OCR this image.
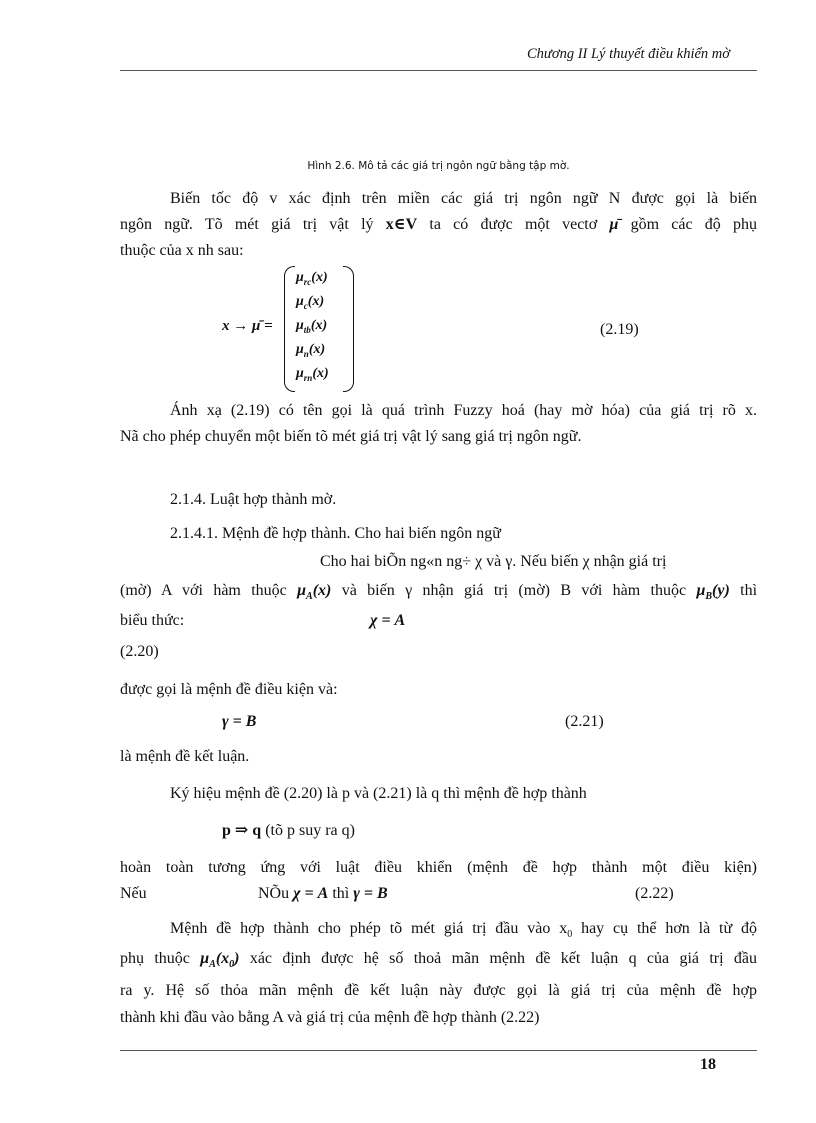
Chương II Lý thuyết điều khiển mờ
Hình 2.6. Mô tả các giá trị ngôn ngữ bằng tập mờ.
Biến tốc độ v xác định trên miền các giá trị ngôn ngữ N được gọi là biến
ngôn ngữ. Tõ mét giá trị vật lý x∈V ta có được một vectơ μ̄ gồm các độ phụ
thuộc của x nh sau:
x → μ̄ =
$\mu_{rc}(x)$
$\mu_c(x)$
$\mu_{tb}(x)$
$\mu_n(x)$
$\mu_{rn}(x)$
(2.19)
Ánh xạ (2.19) có tên gọi là quá trình Fuzzy hoá (hay mờ hóa) của giá trị rõ x.
Nã cho phép chuyển một biến tõ mét giá trị vật lý sang giá trị ngôn ngữ.
2.1.4. Luật hợp thành mờ.
2.1.4.1. Mệnh đề hợp thành. Cho hai biến ngôn ngữ
Cho hai biÕn ng«n ng÷ χ và γ. Nếu biến χ nhận giá trị
(mờ) A với hàm thuộc $\mu_A(x)$ và biến γ nhận giá trị (mờ) B với hàm thuộc $\mu_B(y)$ thì
biểu thức:	χ = A
(2.20)
được gọi là mệnh đề điều kiện và:
γ = B	(2.21)
là mệnh đề kết luận.
Ký hiệu mệnh đề (2.20) là p và (2.21) là q thì mệnh đề hợp thành
p ⇒ q (tõ p suy ra q)
hoàn toàn tương ứng với luật điều khiển (mệnh đề hợp thành một điều kiện)
Nếu	NÕu χ = A thì γ = B	(2.22)
Mệnh đề hợp thành cho phép tõ mét giá trị đầu vào $x_0$ hay cụ thể hơn là từ độ
phụ thuộc $\mu_A(x_0)$ xác định được hệ số thoả mãn mệnh đề kết luận q của giá trị đầu
ra y. Hệ số thỏa mãn mệnh đề kết luận này được gọi là giá trị của mệnh đề hợp
thành khi đầu vào bằng A và giá trị của mệnh đề hợp thành (2.22)
18
